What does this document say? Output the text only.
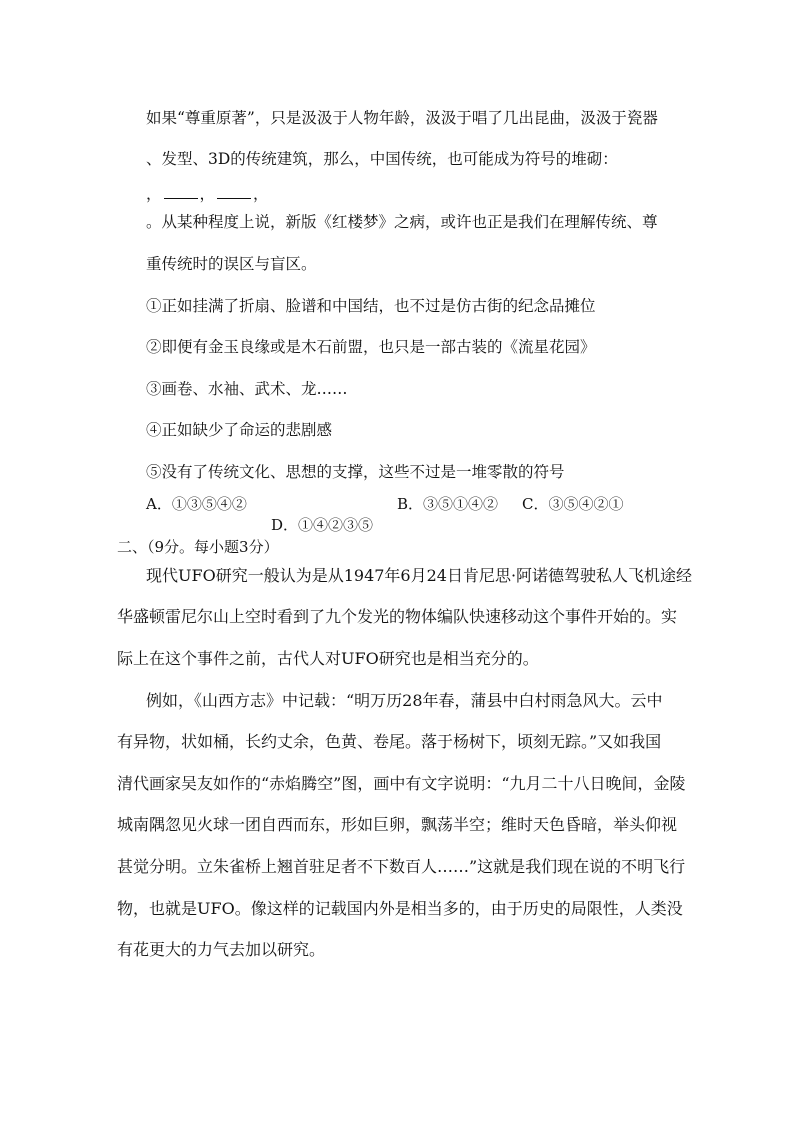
如果“尊重原著”，只是汲汲于人物年龄，汲汲于唱了几出昆曲，汲汲于瓷器
、发型、3D的传统建筑，那么，中国传统，也可能成为符号的堆砌：
， ， ，
。从某种程度上说，新版《红楼梦》之病，或许也正是我们在理解传统、尊
重传统时的误区与盲区。
①正如挂满了折扇、脸谱和中国结，也不过是仿古街的纪念品摊位
②即便有金玉良缘或是木石前盟，也只是一部古装的《流星花园》
③画卷、水袖、武术、龙……
④正如缺少了命运的悲剧感
⑤没有了传统文化、思想的支撑，这些不过是一堆零散的符号
A．①③⑤④②	B．③⑤①④② C．③⑤④②①
D．①④②③⑤
二、（9分。每小题3分）
现代UFO研究一般认为是从1947年6月24日肯尼思·阿诺德驾驶私人飞机途经
华盛顿雷尼尔山上空时看到了九个发光的物体编队快速移动这个事件开始的。实
际上在这个事件之前，古代人对UFO研究也是相当充分的。
例如，《山西方志》中记载：“明万历28年春，蒲县中白村雨急风大。云中
有异物，状如桶，长约丈余，色黄、卷尾。落于杨树下，顷刻无踪。”又如我国
清代画家吴友如作的“赤焰腾空”图，画中有文字说明：“九月二十八日晚间，金陵
城南隅忽见火球一团自西而东，形如巨卵，飘荡半空；维时天色昏暗，举头仰视
甚觉分明。立朱雀桥上翘首驻足者不下数百人……”这就是我们现在说的不明飞行
物，也就是UFO。像这样的记载国内外是相当多的，由于历史的局限性，人类没
有花更大的力气去加以研究。
